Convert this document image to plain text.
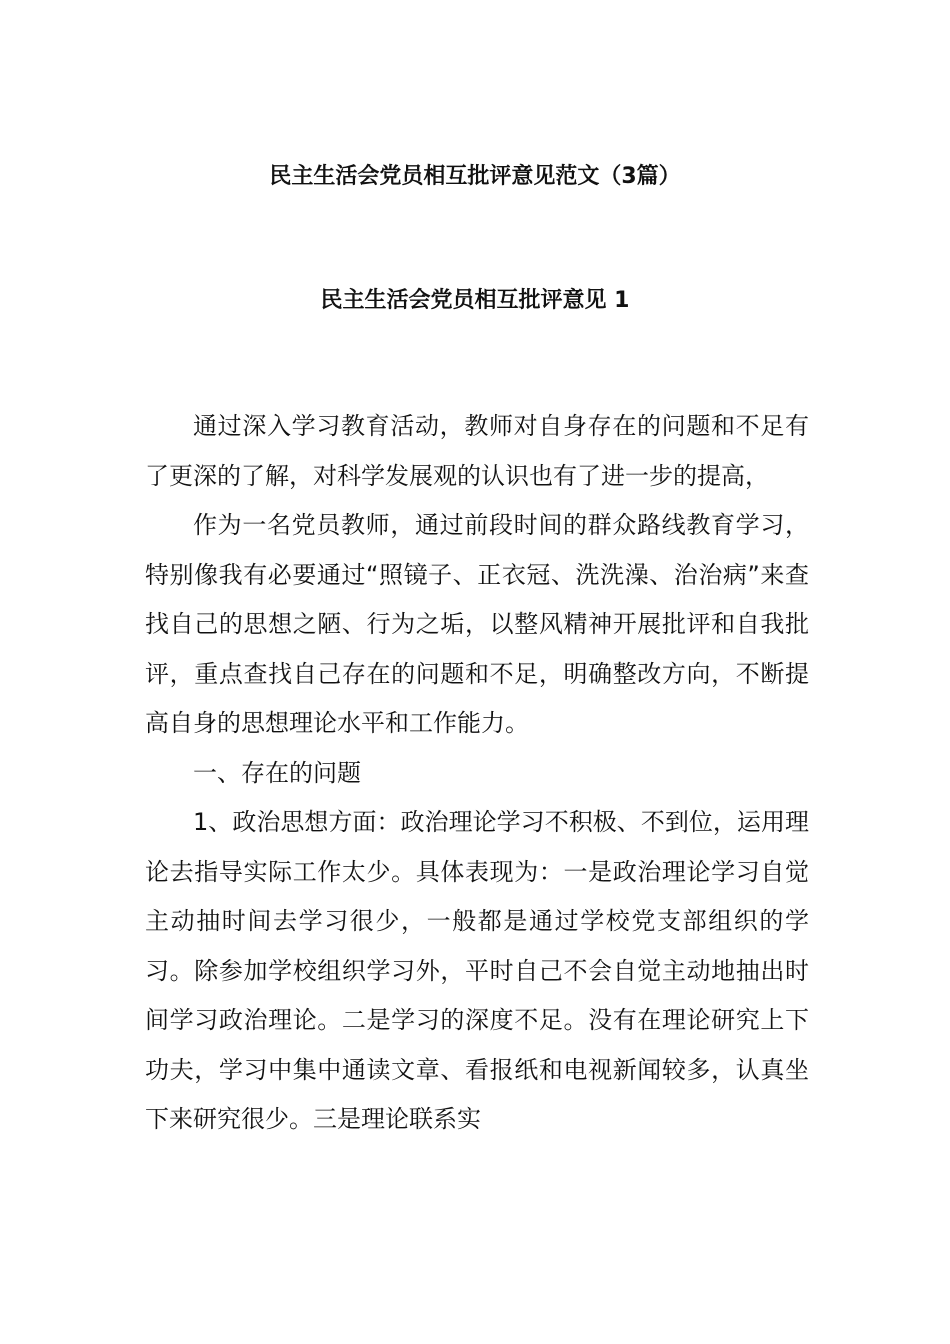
民主生活会党员相互批评意见范文（3篇）
民主生活会党员相互批评意见 1

通过深入学习教育活动，教师对自身存在的问题和不足有了更深的了解，对科学发展观的认识也有了进一步的提高，

作为一名党员教师，通过前段时间的群众路线教育学习，特别像我有必要通过“照镜子、正衣冠、洗洗澡、治治病”来查找自己的思想之陋、行为之垢，以整风精神开展批评和自我批评，重点查找自己存在的问题和不足，明确整改方向，不断提高自身的思想理论水平和工作能力。

一、存在的问题

1、政治思想方面：政治理论学习不积极、不到位，运用理论去指导实际工作太少。具体表现为：一是政治理论学习自觉主动抽时间去学习很少，一般都是通过学校党支部组织的学习。除参加学校组织学习外，平时自己不会自觉主动地抽出时间学习政治理论。二是学习的深度不足。没有在理论研究上下功夫，学习中集中通读文章、看报纸和电视新闻较多，认真坐下来研究很少。三是理论联系实
